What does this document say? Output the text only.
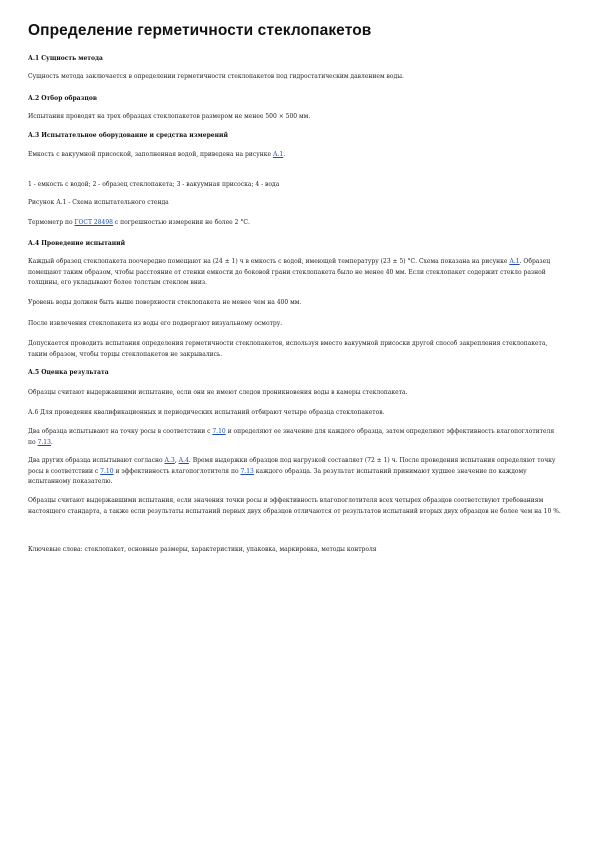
Определение герметичности стеклопакетов
А.1 Сущность метода
Сущность метода заключается в определении герметичности стеклопакетов под гидростатическим давлением воды.
А.2 Отбор образцов
Испытания проводят на трех образцах стеклопакетов размером не менее 500 × 500 мм.
А.3 Испытательное оборудование и средства измерений
Емкость с вакуумной присоской, заполненная водой, приведена на рисунке А.1.
1 - емкость с водой; 2 - образец стеклопакета; 3 - вакуумная присоска; 4 - вода
Рисунок А.1 - Схема испытательного стенда
Термометр по ГОСТ 28498 с погрешностью измерения не более 2 °С.
А.4 Проведение испытаний
Каждый образец стеклопакета поочередно помещают на (24 ± 1) ч в емкость с водой, имеющей температуру (23 ± 5) °С. Схема показана на рисунке А.1. Образец помещают таким образом, чтобы расстояние от стенки емкости до боковой грани стеклопакета было не менее 40 мм. Если стеклопакет содержит стекло разной толщины, его укладывают более толстым стеклом вниз.
Уровень воды должен быть выше поверхности стеклопакета не менее чем на 400 мм.
После извлечения стеклопакета из воды его подвергают визуальному осмотру.
Допускается проводить испытания определения герметичности стеклопакетов, используя вместо вакуумной присоски другой способ закрепления стеклопакета, таким образом, чтобы торцы стеклопакетов не закрывались.
А.5 Оценка результата
Образцы считают выдержавшими испытание, если они не имеют следов проникновения воды в камеры стеклопакета.
А.6 Для проведения квалификационных и периодических испытаний отбирают четыре образца стеклопакетов.
Два образца испытывают на точку росы в соответствии с 7.10 и определяют ее значение для каждого образца, затем определяют эффективность влагопоглотителя по 7.13.
Два других образца испытывают согласно А.3, А.4. Время выдержки образцов под нагрузкой составляет (72 ± 1) ч. После проведения испытания определяют точку росы в соответствии с 7.10 и эффективность влагопоглотителя по 7.13 каждого образца. За результат испытаний принимают худшее значение по каждому испытанному показателю.
Образцы считают выдержавшими испытания, если значения точки росы и эффективность влагопоглотителя всех четырех образцов соответствуют требованиям настоящего стандарта, а также если результаты испытаний первых двух образцов отличаются от результатов испытаний вторых двух образцов не более чем на 10 %.
Ключевые слова: стеклопакет, основные размеры, характеристики, упаковка, маркировка, методы контроля
